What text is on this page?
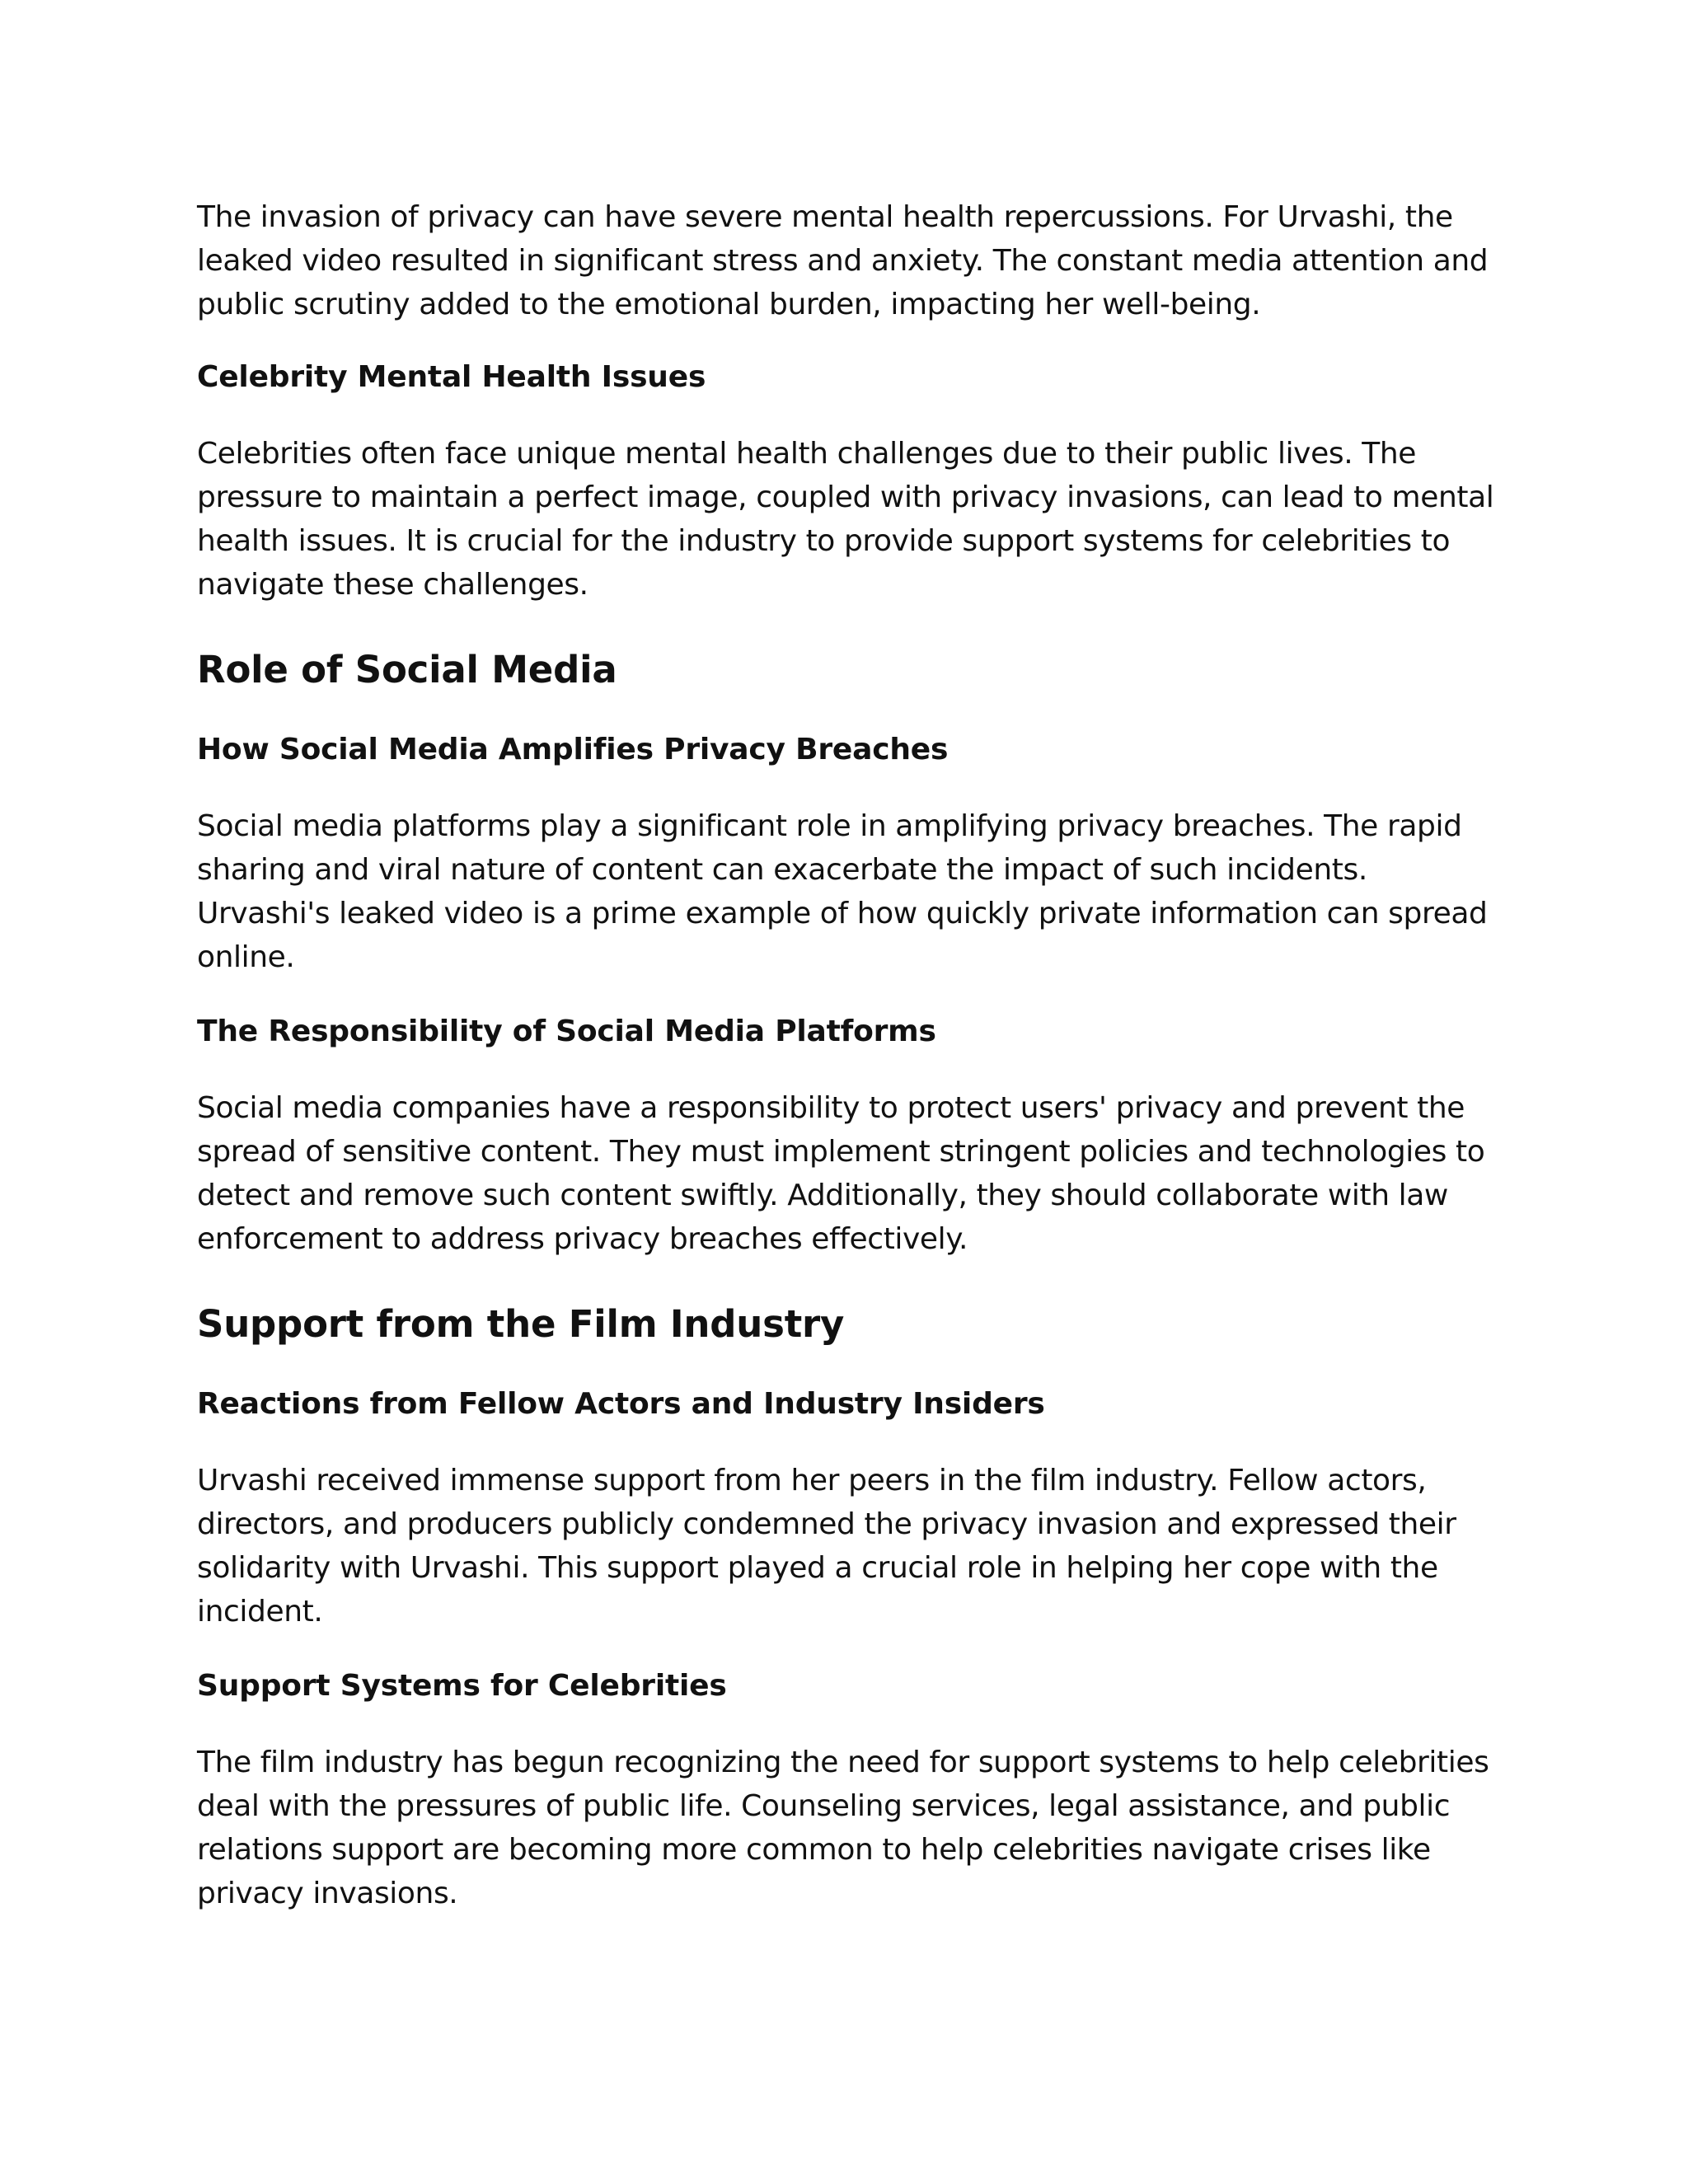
The invasion of privacy can have severe mental health repercussions. For Urvashi, the leaked video resulted in significant stress and anxiety. The constant media attention and public scrutiny added to the emotional burden, impacting her well-being.

Celebrity Mental Health Issues

Celebrities often face unique mental health challenges due to their public lives. The pressure to maintain a perfect image, coupled with privacy invasions, can lead to mental health issues. It is crucial for the industry to provide support systems for celebrities to navigate these challenges.

Role of Social Media
How Social Media Amplifies Privacy Breaches

Social media platforms play a significant role in amplifying privacy breaches. The rapid sharing and viral nature of content can exacerbate the impact of such incidents. Urvashi's leaked video is a prime example of how quickly private information can spread online.

The Responsibility of Social Media Platforms

Social media companies have a responsibility to protect users' privacy and prevent the spread of sensitive content. They must implement stringent policies and technologies to detect and remove such content swiftly. Additionally, they should collaborate with law enforcement to address privacy breaches effectively.

Support from the Film Industry
Reactions from Fellow Actors and Industry Insiders

Urvashi received immense support from her peers in the film industry. Fellow actors, directors, and producers publicly condemned the privacy invasion and expressed their solidarity with Urvashi. This support played a crucial role in helping her cope with the incident.

Support Systems for Celebrities

The film industry has begun recognizing the need for support systems to help celebrities deal with the pressures of public life. Counseling services, legal assistance, and public relations support are becoming more common to help celebrities navigate crises like privacy invasions.
